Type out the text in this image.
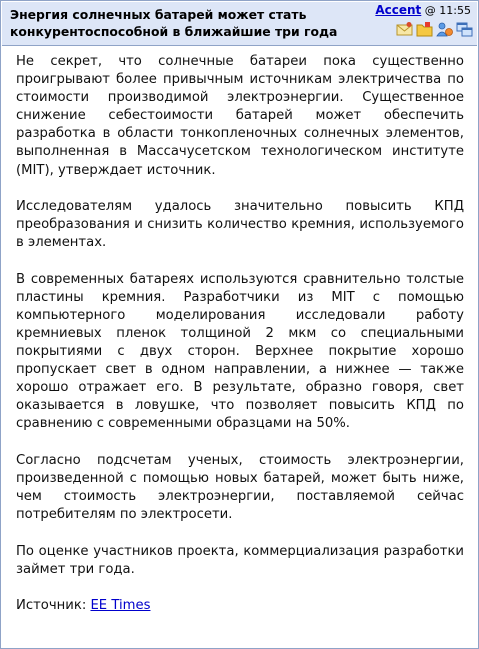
Энергия солнечных батарей может стать конкурентоспособной в ближайшие три года
Accent @ 11:55

Не секрет, что солнечные батареи пока существенно проигрывают более привычным источникам электричества по стоимости производимой электроэнергии. Существенное снижение себестоимости батарей может обеспечить разработка в области тонкопленочных солнечных элементов, выполненная в Массачусетском технологическом институте (MIT), утверждает источник.

Исследователям удалось значительно повысить КПД преобразования и снизить количество кремния, используемого в элементах.

В современных батареях используются сравнительно толстые пластины кремния. Разработчики из MIT с помощью компьютерного моделирования исследовали работу кремниевых пленок толщиной 2 мкм со специальными покрытиями с двух сторон. Верхнее покрытие хорошо пропускает свет в одном направлении, а нижнее — также хорошо отражает его. В результате, образно говоря, свет оказывается в ловушке, что позволяет повысить КПД по сравнению с современными образцами на 50%.

Согласно подсчетам ученых, стоимость электроэнергии, произведенной с помощью новых батарей, может быть ниже, чем стоимость электроэнергии, поставляемой сейчас потребителям по электросети.

По оценке участников проекта, коммерциализация разработки займет три года.

Источник: EE Times
